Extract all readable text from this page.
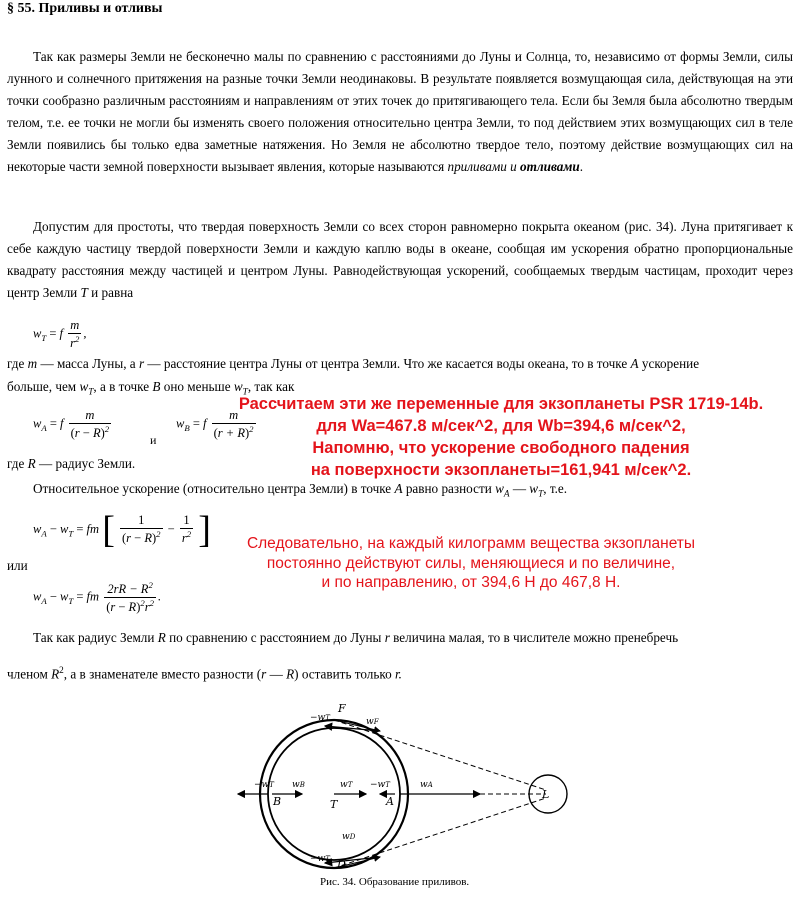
§ 55. Приливы и отливы
Так как размеры Земли не бесконечно малы по сравнению с расстояниями до Луны и Солнца, то, независимо от формы Земли, силы лунного и солнечного притяжения на разные точки Земли неодинаковы. В результате появляется возмущающая сила, действующая на эти точки сообразно различным расстояниям и направлениям от этих точек до притягивающего тела. Если бы Земля была абсолютно твердым телом, т.е. ее точки не могли бы изменять своего положения относительно центра Земли, то под действием этих возмущающих сил в теле Земли появились бы только едва заметные натяжения. Но Земля не абсолютно твердое тело, поэтому действие возмущающих сил на некоторые части земной поверхности вызывает явления, которые называются приливами и отливами.
Допустим для простоты, что твердая поверхность Земли со всех сторон равномерно покрыта океаном (рис. 34). Луна притягивает к себе каждую частицу твердой поверхности Земли и каждую каплю воды в океане, сообщая им ускорения обратно пропорциональные квадрату расстояния между частицей и центром Луны. Равнодействующая ускорений, сообщаемых твердым частицам, проходит через центр Земли T и равна
$w_T = f \frac{m}{r^2}$ ,
где m — масса Луны, а r — расстояние центра Луны от центра Земли. Что же касается воды океана, то в точке A ускорение
больше, чем $w_T$, а в точке B оно меньше $w_T$, так как
$w_A = f \frac{m}{(r - R)^2}$	и
$w_B = f \frac{m}{(r + R)^2}$
где R — радиус Земли.
Относительное ускорение (относительно центра Земли) в точке A равно разности $w_A$ — $w_T$, т.е.
$w_A - w_T$ = fm [ $\frac{1}{(r - R)^2} - \frac{1}{r^2}$ ]
или
$w_A - w_T$ = fm $\frac{2rR - R^2}{(r - R)^2r^2}$ .
Так как радиус Земли R по сравнению с расстоянием до Луны r величина малая, то в числителе можно пренебречь
членом $R^2$, а в знаменателе вместо разности (r — R) оставить только r.
Рассчитаем эти же переменные для экзопланеты PSR 1719-14b.
для Wa=467.8 м/сек^2, для Wb=394,6 м/сек^2,
Напомню, что ускорение свободного падения
на поверхности экзопланеты=161,941 м/сек^2.
Следовательно, на каждый килограмм вещества экзопланеты
постоянно действуют силы, меняющиеся и по величине,
и по направлению, от 394,6 Н до 467,8 Н.
F
D
A
B	T
L
−wT wB	wT −wT	wA
−wT	wF
−wT
wD
Рис. 34. Образование приливов.
